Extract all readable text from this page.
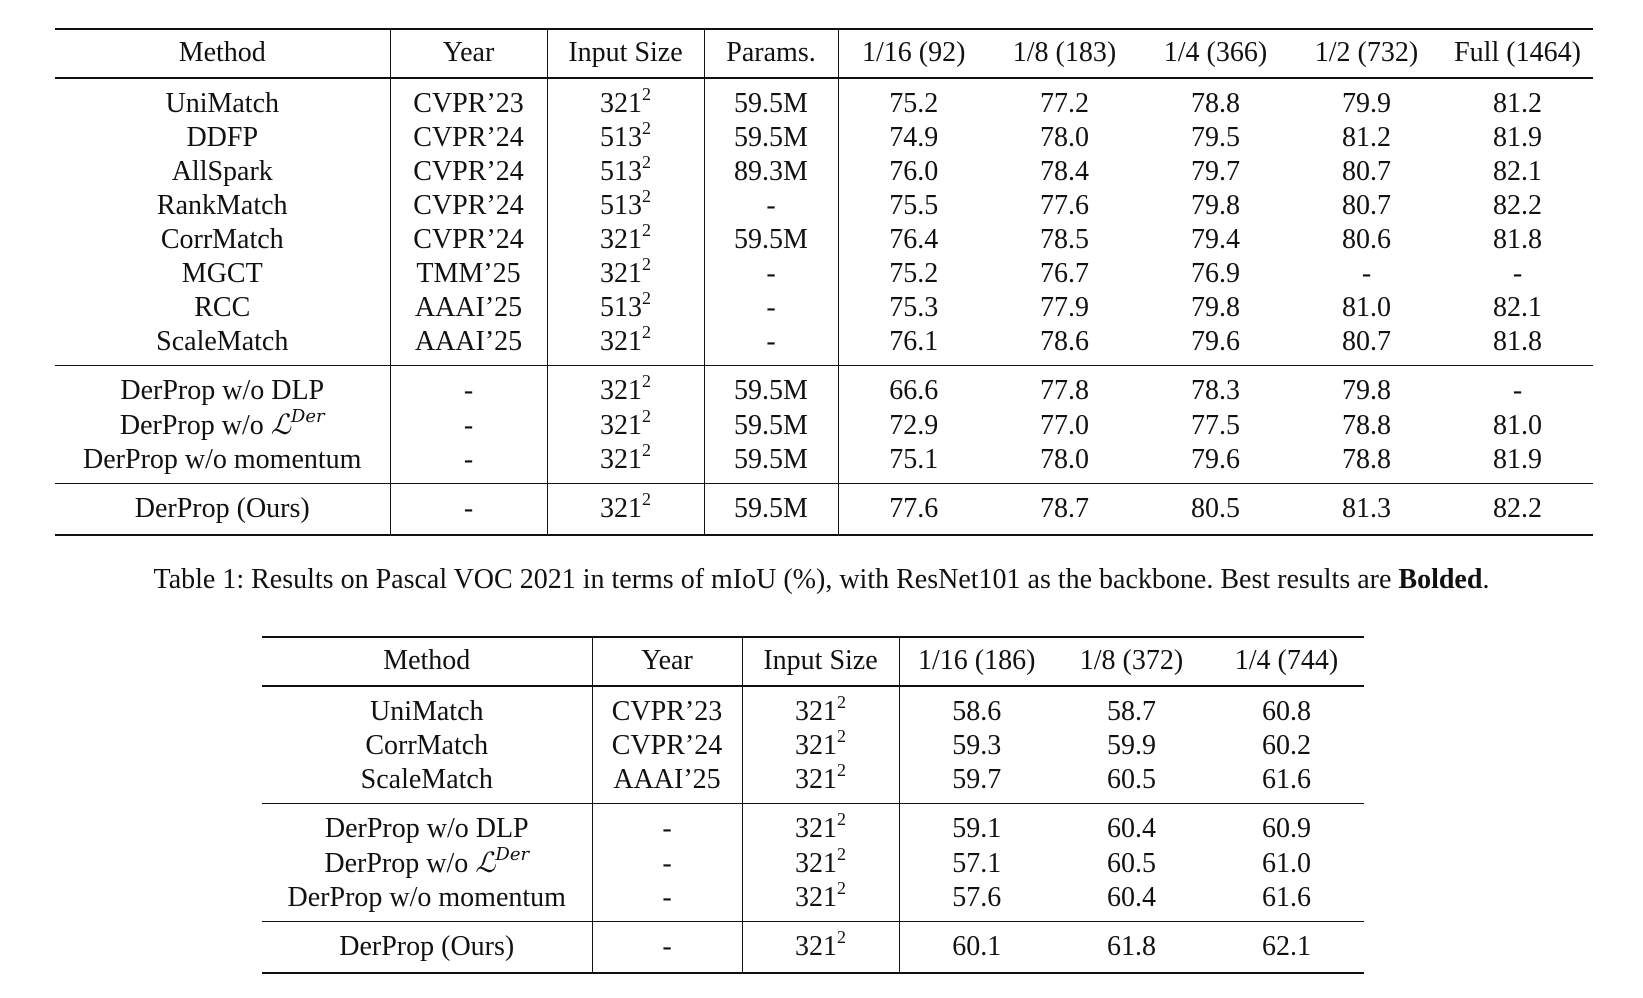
Method	Year	Input Size	Params.	1/16 (92)	1/8 (183)	1/4 (366)	1/2 (732)	Full (1464)
UniMatch	CVPR’23	$321^2$	59.5M	75.2	77.2	78.8	79.9	81.2
DDFP	CVPR’24	$513^2$	59.5M	74.9	78.0	79.5	81.2	81.9
AllSpark	CVPR’24	$513^2$	89.3M	76.0	78.4	79.7	80.7	82.1
RankMatch	CVPR’24	$513^2$	-	75.5	77.6	79.8	80.7	82.2
CorrMatch	CVPR’24	$321^2$	59.5M	76.4	78.5	79.4	80.6	81.8
MGCT	TMM’25	$321^2$	-	75.2	76.7	76.9	-	-
RCC	AAAI’25	$513^2$	-	75.3	77.9	79.8	81.0	82.1
ScaleMatch	AAAI’25	$321^2$	-	76.1	78.6	79.6	80.7	81.8
DerProp w/o DLP	-	$321^2$	59.5M	66.6	77.8	78.3	79.8	-
DerProp w/o ℒ$^{Der}$	-	$321^2$	59.5M	72.9	77.0	77.5	78.8	81.0
DerProp w/o momentum	-	$321^2$	59.5M	75.1	78.0	79.6	78.8	81.9
DerProp (Ours)	-	$321^2$	59.5M	77.6	78.7	80.5	81.3	82.2
Table 1: Results on Pascal VOC 2021 in terms of mIoU (%), with ResNet101 as the backbone. Best results are Bolded.
Method	Year	Input Size	1/16 (186)	1/8 (372)	1/4 (744)
UniMatch	CVPR’23	$321^2$	58.6	58.7	60.8
CorrMatch	CVPR’24	$321^2$	59.3	59.9	60.2
ScaleMatch	AAAI’25	$321^2$	59.7	60.5	61.6
DerProp w/o DLP	-	$321^2$	59.1	60.4	60.9
DerProp w/o ℒ$^{Der}$	-	$321^2$	57.1	60.5	61.0
DerProp w/o momentum	-	$321^2$	57.6	60.4	61.6
DerProp (Ours)	-	$321^2$	60.1	61.8	62.1
